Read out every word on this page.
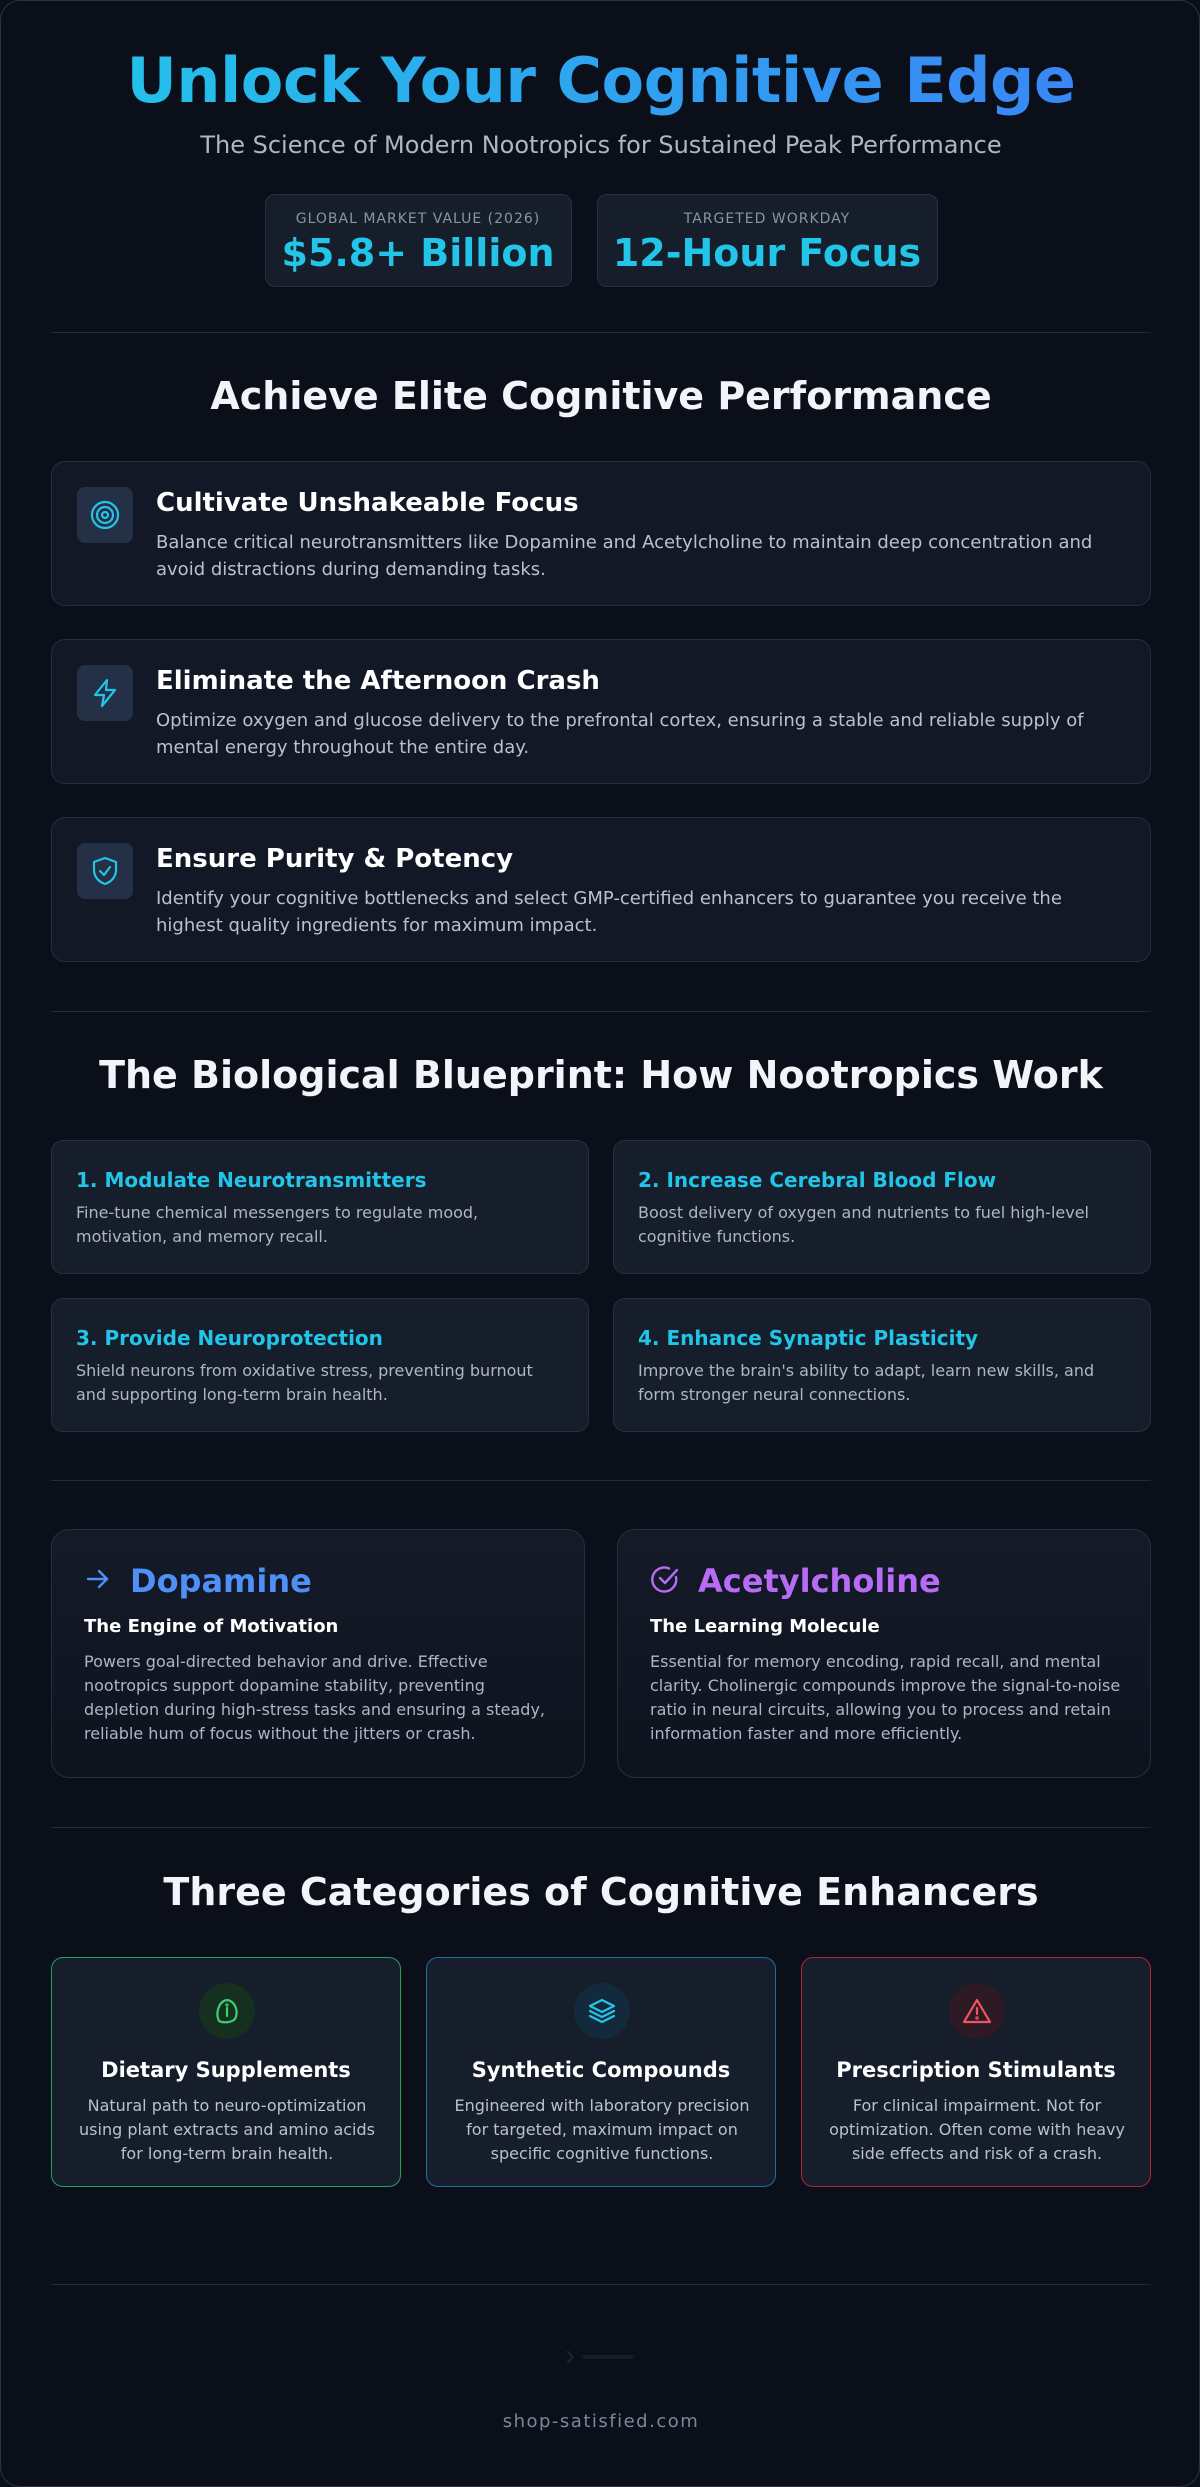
Unlock Your Cognitive Edge
The Science of Modern Nootropics for Sustained Peak Performance
GLOBAL MARKET VALUE (2026)
$5.8+ Billion
TARGETED WORKDAY
12-Hour Focus
Achieve Elite Cognitive Performance
Cultivate Unshakeable Focus
Balance critical neurotransmitters like Dopamine and Acetylcholine to maintain deep concentration and avoid distractions during demanding tasks.
Eliminate the Afternoon Crash
Optimize oxygen and glucose delivery to the prefrontal cortex, ensuring a stable and reliable supply of mental energy throughout the entire day.
Ensure Purity & Potency
Identify your cognitive bottlenecks and select GMP-certified enhancers to guarantee you receive the highest quality ingredients for maximum impact.
The Biological Blueprint: How Nootropics Work
1. Modulate Neurotransmitters
Fine-tune chemical messengers to regulate mood, motivation, and memory recall.
2. Increase Cerebral Blood Flow
Boost delivery of oxygen and nutrients to fuel high-level cognitive functions.
3. Provide Neuroprotection
Shield neurons from oxidative stress, preventing burnout and supporting long-term brain health.
4. Enhance Synaptic Plasticity
Improve the brain's ability to adapt, learn new skills, and form stronger neural connections.
Dopamine
The Engine of Motivation
Powers goal-directed behavior and drive. Effective nootropics support dopamine stability, preventing depletion during high-stress tasks and ensuring a steady, reliable hum of focus without the jitters or crash.
Acetylcholine
The Learning Molecule
Essential for memory encoding, rapid recall, and mental clarity. Cholinergic compounds improve the signal-to-noise ratio in neural circuits, allowing you to process and retain information faster and more efficiently.
Three Categories of Cognitive Enhancers
Dietary Supplements
Natural path to neuro-optimization using plant extracts and amino acids for long-term brain health.
Synthetic Compounds
Engineered with laboratory precision for targeted, maximum impact on specific cognitive functions.
Prescription Stimulants
For clinical impairment. Not for optimization. Often come with heavy side effects and risk of a crash.
shop-satisfied.com
